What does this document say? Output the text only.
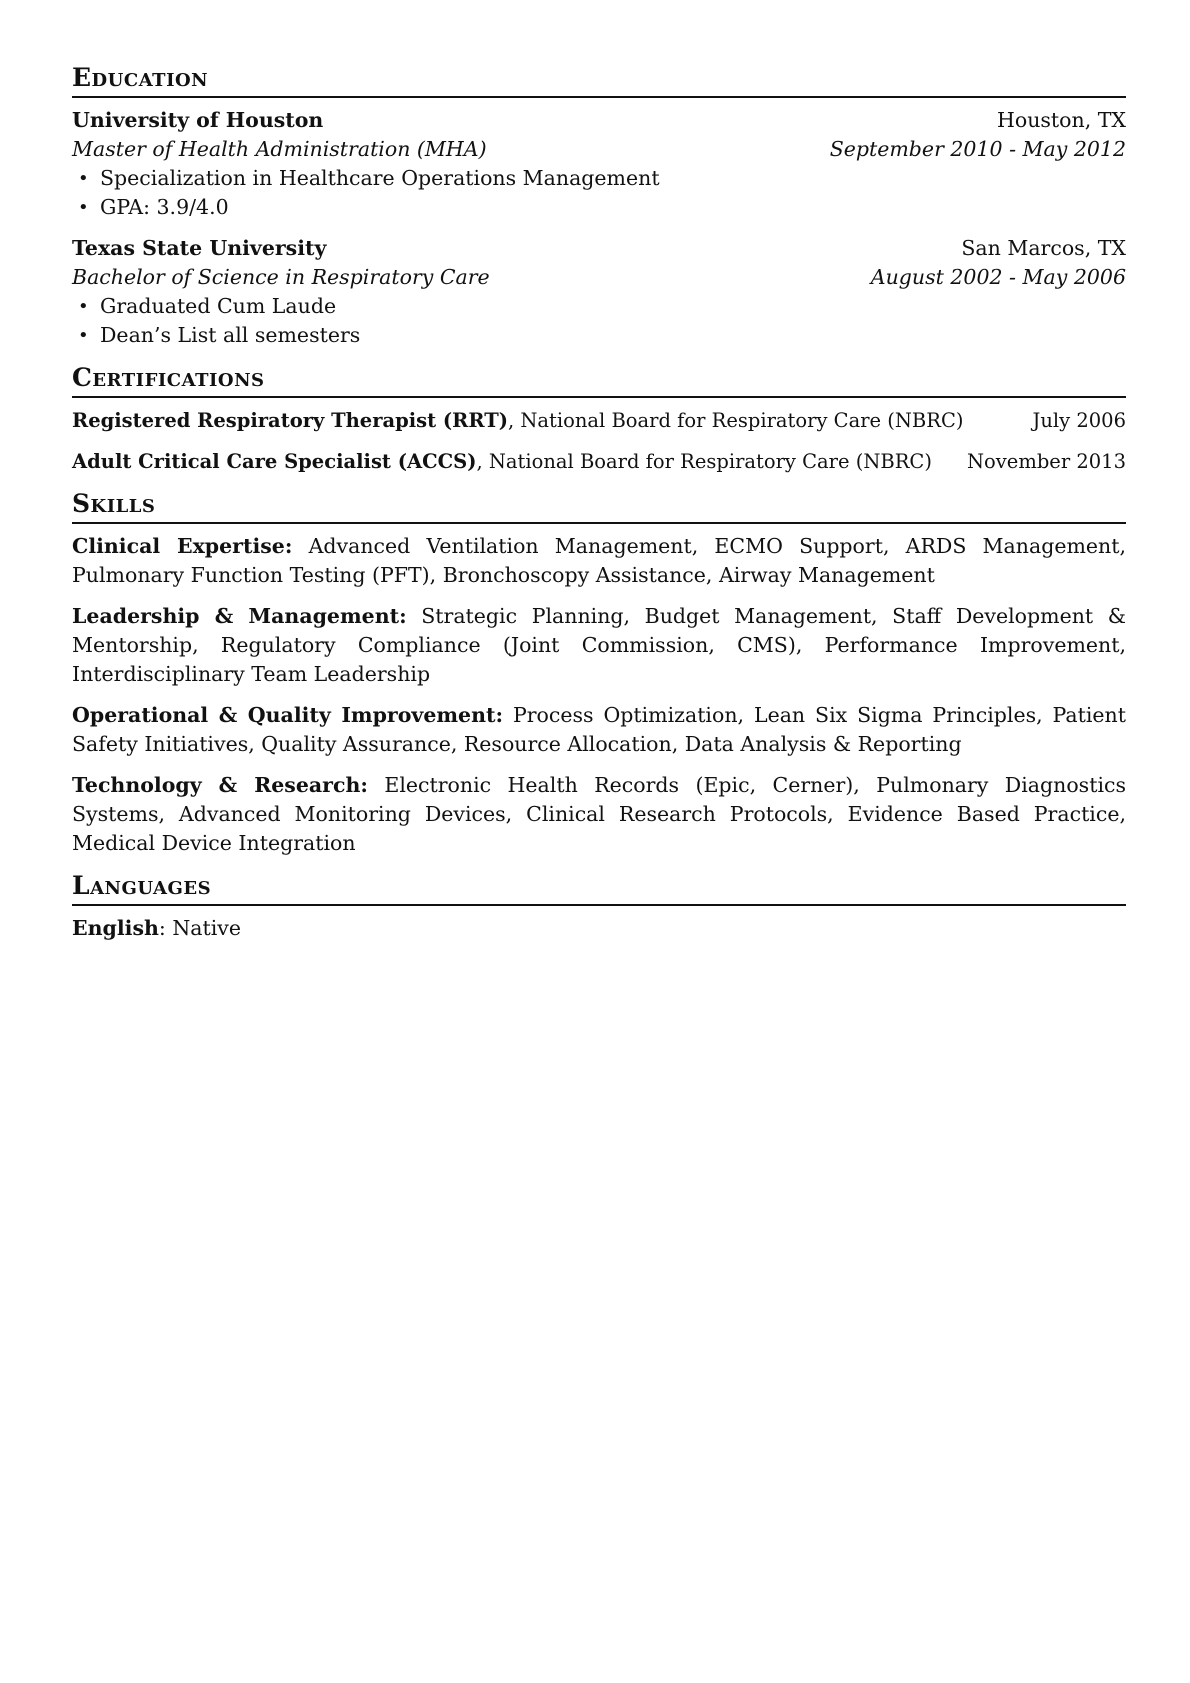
Education
University of Houston	Houston, TX
Master of Health Administration (MHA)	September 2010 - May 2012
• Specialization in Healthcare Operations Management
• GPA: 3.9/4.0
Texas State University	San Marcos, TX
Bachelor of Science in Respiratory Care	August 2002 - May 2006
• Graduated Cum Laude
• Dean’s List all semesters
Certifications
Registered Respiratory Therapist (RRT), National Board for Respiratory Care (NBRC)	July 2006
Adult Critical Care Specialist (ACCS), National Board for Respiratory Care (NBRC)	November 2013
Skills

Clinical Expertise: Advanced Ventilation Management, ECMO Support, ARDS Management, Pulmonary Function Testing (PFT), Bronchoscopy Assistance, Airway Management

Leadership & Management: Strategic Planning, Budget Management, Staff Development & Mentorship, Regulatory Compliance (Joint Commission, CMS), Performance Improvement, Interdisciplinary Team Leadership

Operational & Quality Improvement: Process Optimization, Lean Six Sigma Principles, Patient Safety Initiatives, Quality Assurance, Resource Allocation, Data Analysis & Reporting

Technology & Research: Electronic Health Records (Epic, Cerner), Pulmonary Diagnostics Systems, Advanced Monitoring Devices, Clinical Research Protocols, Evidence Based Practice, Medical Device Integration

Languages
English: Native
